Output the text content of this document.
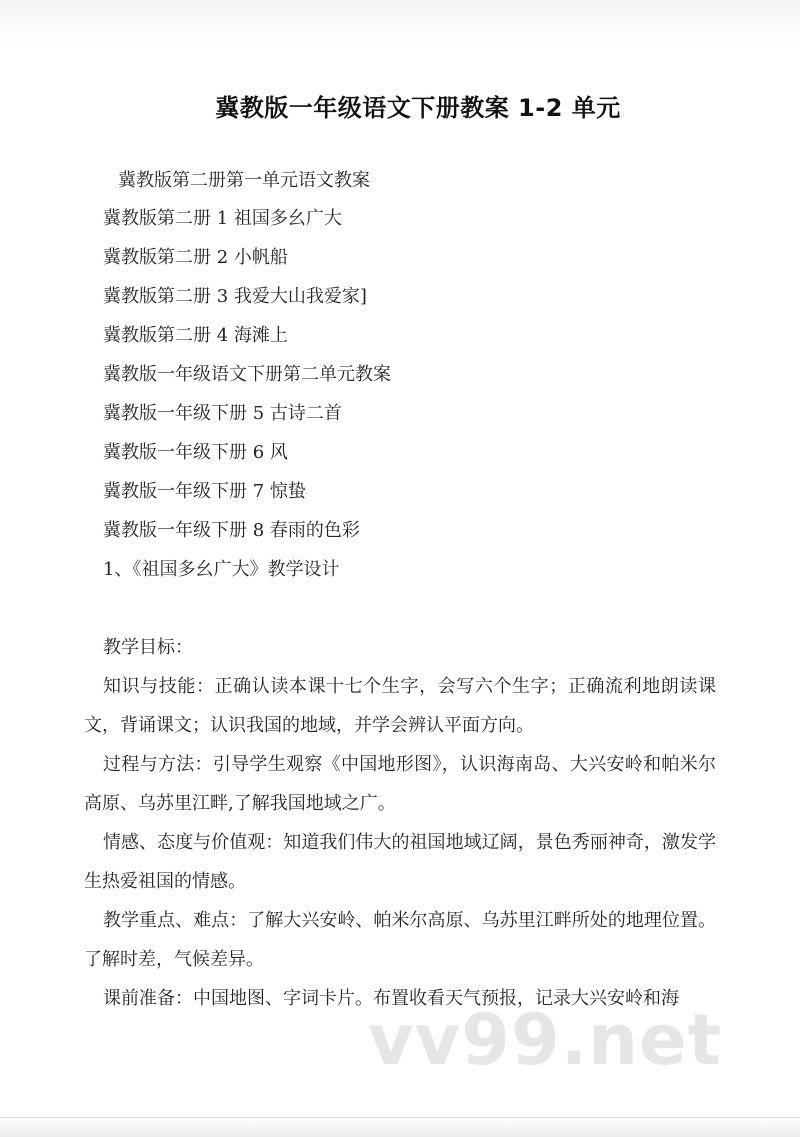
冀教版一年级语文下册教案 1-2 单元
冀教版第二册第一单元语文教案
冀教版第二册 1 祖国多幺广大
冀教版第二册 2 小帆船
冀教版第二册 3 我爱大山我爱家]
冀教版第二册 4 海滩上
冀教版一年级语文下册第二单元教案
冀教版一年级下册 5 古诗二首
冀教版一年级下册 6 风
冀教版一年级下册 7 惊蛰
冀教版一年级下册 8 春雨的色彩
1、《祖国多幺广大》教学设计
教学目标：
知识与技能：正确认读本课十七个生字，会写六个生字；正确流利地朗读课文，背诵课文；认识我国的地域，并学会辨认平面方向。
过程与方法：引导学生观察《中国地形图》，认识海南岛、大兴安岭和帕米尔高原、乌苏里江畔,了解我国地域之广。
情感、态度与价值观：知道我们伟大的祖国地域辽阔，景色秀丽神奇，激发学生热爱祖国的情感。
教学重点、难点：了解大兴安岭、帕米尔高原、乌苏里江畔所处的地理位置。了解时差，气候差异。
课前准备：中国地图、字词卡片。布置收看天气预报，记录大兴安岭和海
vv99.net
